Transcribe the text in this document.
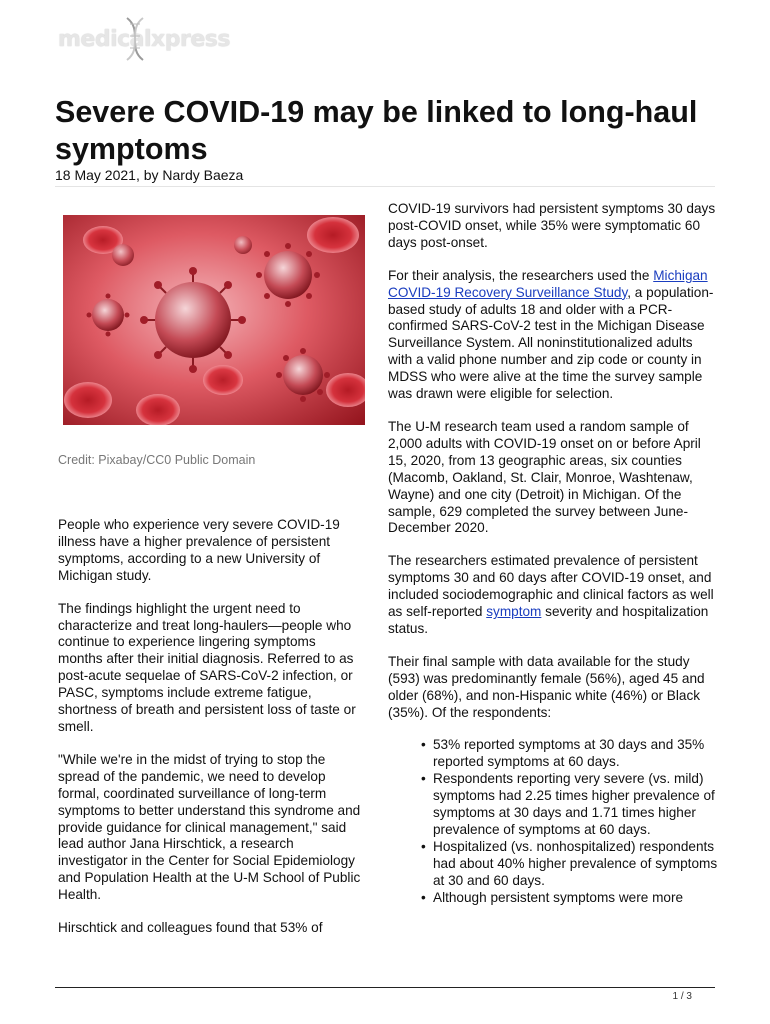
medicalxpress
Severe COVID-19 may be linked to long-haul symptoms
18 May 2021, by Nardy Baeza
Credit: Pixabay/CC0 Public Domain

People who experience very severe COVID-19 illness have a higher prevalence of persistent symptoms, according to a new University of Michigan study.

The findings highlight the urgent need to characterize and treat long-haulers—people who continue to experience lingering symptoms months after their initial diagnosis. Referred to as post-acute sequelae of SARS-CoV-2 infection, or PASC, symptoms include extreme fatigue, shortness of breath and persistent loss of taste or smell.

"While we're in the midst of trying to stop the spread of the pandemic, we need to develop formal, coordinated surveillance of long-term symptoms to better understand this syndrome and provide guidance for clinical management," said lead author Jana Hirschtick, a research investigator in the Center for Social Epidemiology and Population Health at the U-M School of Public Health.

Hirschtick and colleagues found that 53% of

COVID-19 survivors had persistent symptoms 30 days post-COVID onset, while 35% were symptomatic 60 days post-onset.

For their analysis, the researchers used the Michigan COVID-19 Recovery Surveillance Study, a population-based study of adults 18 and older with a PCR-confirmed SARS-CoV-2 test in the Michigan Disease Surveillance System. All noninstitutionalized adults with a valid phone number and zip code or county in MDSS who were alive at the time the survey sample was drawn were eligible for selection.

The U-M research team used a random sample of 2,000 adults with COVID-19 onset on or before April 15, 2020, from 13 geographic areas, six counties (Macomb, Oakland, St. Clair, Monroe, Washtenaw, Wayne) and one city (Detroit) in Michigan. Of the sample, 629 completed the survey between June-December 2020.

The researchers estimated prevalence of persistent symptoms 30 and 60 days after COVID-19 onset, and included sociodemographic and clinical factors as well as self-reported symptom severity and hospitalization status.

Their final sample with data available for the study (593) was predominantly female (56%), aged 45 and older (68%), and non-Hispanic white (46%) or Black (35%). Of the respondents:

• 53% reported symptoms at 30 days and 35% reported symptoms at 60 days.
• Respondents reporting very severe (vs. mild) symptoms had 2.25 times higher prevalence of symptoms at 30 days and 1.71 times higher prevalence of symptoms at 60 days.
• Hospitalized (vs. nonhospitalized) respondents had about 40% higher prevalence of symptoms at 30 and 60 days.
• Although persistent symptoms were more
1 / 3
